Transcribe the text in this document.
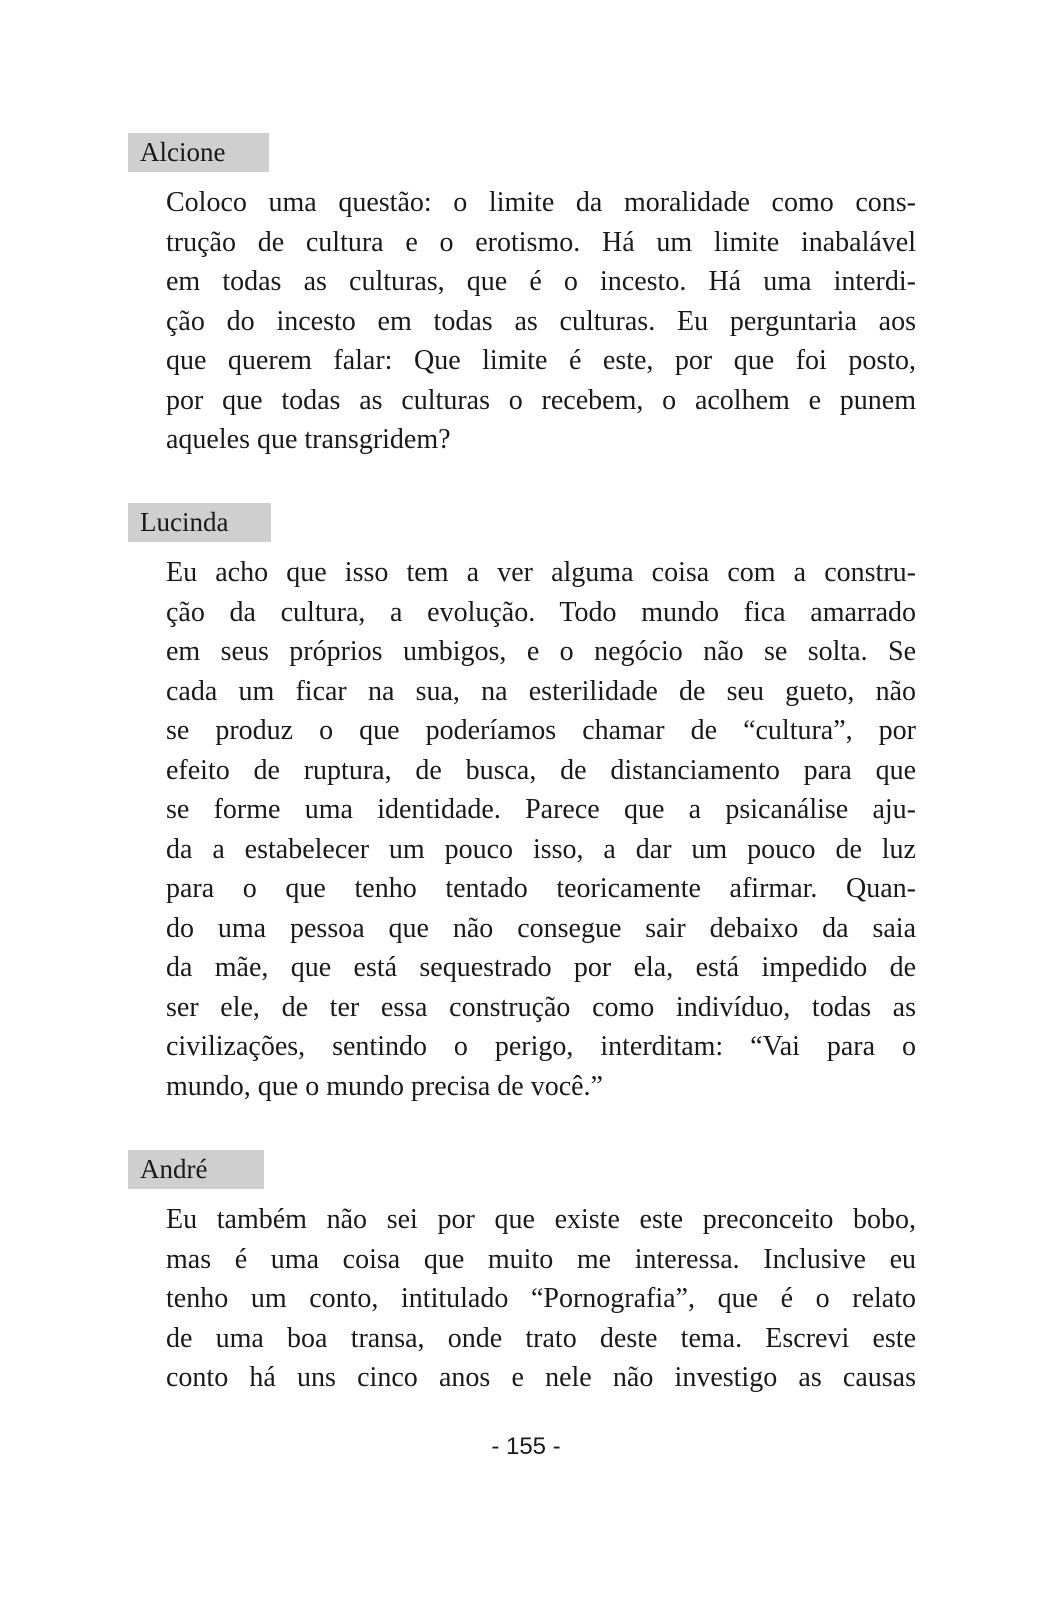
Alcione

Coloco uma questão: o limite da moralidade como cons-
trução de cultura e o erotismo. Há um limite inabalável
em todas as culturas, que é o incesto. Há uma interdi-
ção do incesto em todas as culturas. Eu perguntaria aos
que querem falar: Que limite é este, por que foi posto,
por que todas as culturas o recebem, o acolhem e punem
aqueles que transgridem?

Lucinda

Eu acho que isso tem a ver alguma coisa com a constru-
ção da cultura, a evolução. Todo mundo fica amarrado
em seus próprios umbigos, e o negócio não se solta. Se
cada um ficar na sua, na esterilidade de seu gueto, não
se produz o que poderíamos chamar de “cultura”, por
efeito de ruptura, de busca, de distanciamento para que
se forme uma identidade. Parece que a psicanálise aju-
da a estabelecer um pouco isso, a dar um pouco de luz
para o que tenho tentado teoricamente afirmar. Quan-
do uma pessoa que não consegue sair debaixo da saia
da mãe, que está sequestrado por ela, está impedido de
ser ele, de ter essa construção como indivíduo, todas as
civilizações, sentindo o perigo, interditam: “Vai para o
mundo, que o mundo precisa de você.”

André

Eu também não sei por que existe este preconceito bobo,
mas é uma coisa que muito me interessa. Inclusive eu
tenho um conto, intitulado “Pornografia”, que é o relato
de uma boa transa, onde trato deste tema. Escrevi este
conto há uns cinco anos e nele não investigo as causas

- 155 -
